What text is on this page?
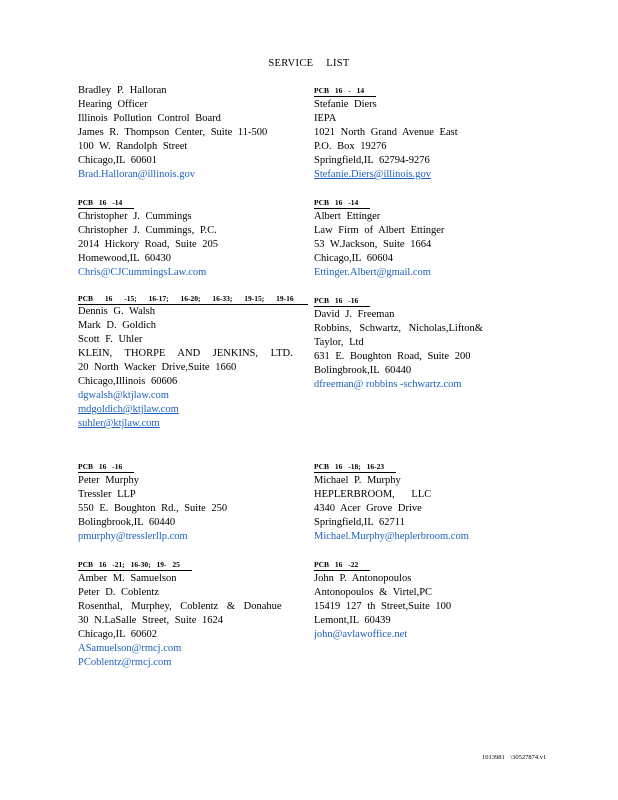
SERVICE LIST
Bradley P. Halloran
Hearing Officer
Illinois Pollution Control Board
James R. Thompson Center, Suite 11-500
100 W. Randolph Street
Chicago,IL 60601
Brad.Halloran@illinois.gov
PCB 16 - 14
Stefanie Diers
IEPA
1021 North Grand Avenue East
P.O. Box 19276
Springfield,IL 62794-9276
Stefanie.Diers@illinois.gov
PCB 16 -14
Christopher J. Cummings
Christopher J. Cummings, P.C.
2014 Hickory Road, Suite 205
Homewood,IL 60430
Chris@CJCummingsLaw.com
PCB 16 -14
Albert Ettinger
Law Firm of Albert Ettinger
53 W.Jackson, Suite 1664
Chicago,IL 60604
Ettinger.Albert@gmail.com
PCB 16 -15; 16-17; 16-20; 16-33; 19-15; 19-16
Dennis G. Walsh
Mark D. Goldich
Scott F. Uhler
KLEIN, THORPE AND JENKINS, LTD.
20 North Wacker Drive,Suite 1660
Chicago,Illinois 60606
dgwalsh@ktjlaw.com
mdgoldich@ktjlaw.com
suhler@ktjlaw.com
PCB 16 -16
David J. Freeman
Robbins, Schwartz, Nicholas,Lifton&
Taylor, Ltd
631 E. Boughton Road, Suite 200
Bolingbrook,IL 60440
dfreeman@ robbins -schwartz.com
PCB 16 -16
Peter Murphy
Tressler LLP
550 E. Boughton Rd., Suite 250
Bolingbrook,IL 60440
pmurphy@tresslerllp.com
PCB 16 -18; 16-23
Michael P. Murphy
HEPLERBROOM, LLC
4340 Acer Grove Drive
Springfield,IL 62711
Michael.Murphy@heplerbroom.com
PCB 16 -21; 16-30; 19- 25
Amber M. Samuelson
Peter D. Coblentz
Rosenthal, Murphey, Coblentz & Donahue
30 N.LaSalle Street, Suite 1624
Chicago,IL 60602
ASamuelson@rmcj.com
PCoblentz@rmcj.com
PCB 16 -22
John P. Antonopoulos
Antonopoulos & Virtel,PC
15419 127 th Street,Suite 100
Lemont,IL 60439
john@avlawoffice.net
1013981 \30527874.v1
